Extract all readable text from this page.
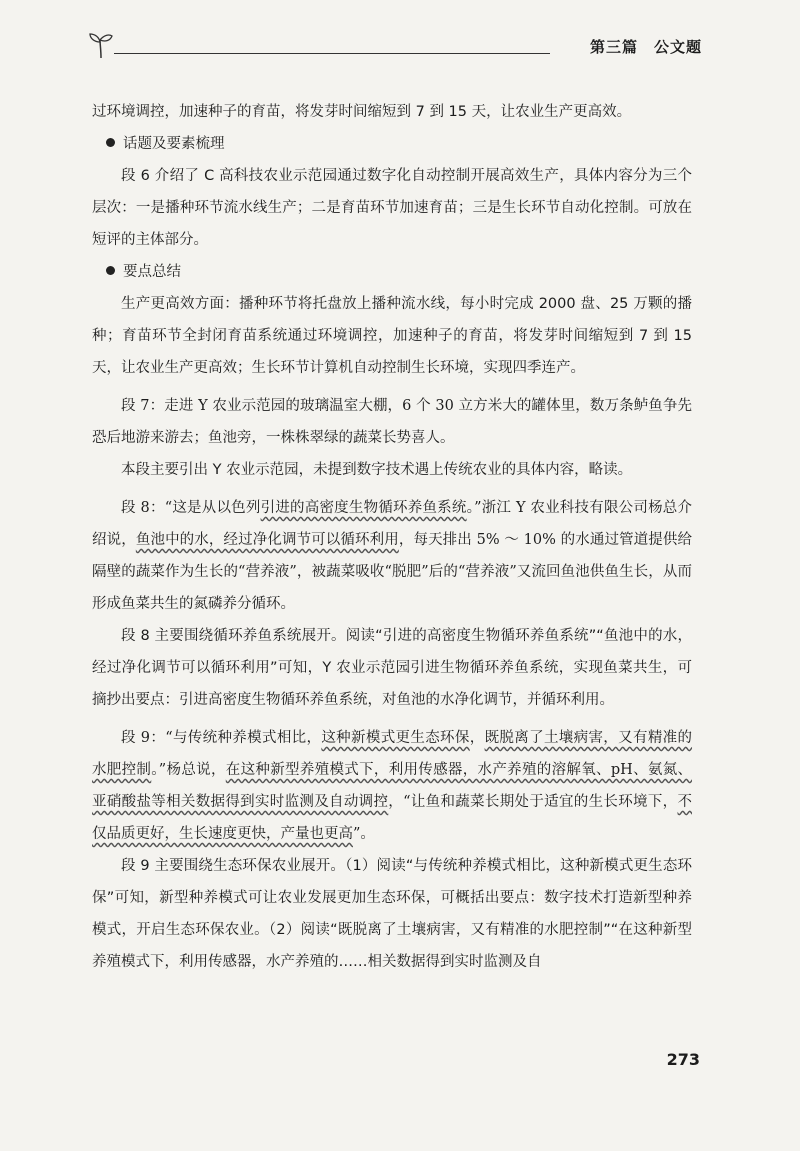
第三篇　公文题

过环境调控，加速种子的育苗，将发芽时间缩短到 7 到 15 天，让农业生产更高效。

话题及要素梳理

段 6 介绍了 C 高科技农业示范园通过数字化自动控制开展高效生产，具体内容分为三个层次：一是播种环节流水线生产；二是育苗环节加速育苗；三是生长环节自动化控制。可放在短评的主体部分。

要点总结

生产更高效方面：播种环节将托盘放上播种流水线，每小时完成 2000 盘、25 万颗的播种；育苗环节全封闭育苗系统通过环境调控，加速种子的育苗，将发芽时间缩短到 7 到 15 天，让农业生产更高效；生长环节计算机自动控制生长环境，实现四季连产。

段 7：走进 Y 农业示范园的玻璃温室大棚，6 个 30 立方米大的罐体里，数万条鲈鱼争先恐后地游来游去；鱼池旁，一株株翠绿的蔬菜长势喜人。

本段主要引出 Y 农业示范园，未提到数字技术遇上传统农业的具体内容，略读。

段 8：“这是从以色列引进的高密度生物循环养鱼系统。”浙江 Y 农业科技有限公司杨总介绍说，鱼池中的水，经过净化调节可以循环利用，每天排出 5% ～ 10% 的水通过管道提供给隔壁的蔬菜作为生长的“营养液”，被蔬菜吸收“脱肥”后的“营养液”又流回鱼池供鱼生长，从而形成鱼菜共生的氮磷养分循环。

段 8 主要围绕循环养鱼系统展开。阅读“引进的高密度生物循环养鱼系统”“鱼池中的水，经过净化调节可以循环利用”可知，Y 农业示范园引进生物循环养鱼系统，实现鱼菜共生，可摘抄出要点：引进高密度生物循环养鱼系统，对鱼池的水净化调节，并循环利用。

段 9：“与传统种养模式相比，这种新模式更生态环保，既脱离了土壤病害，又有精准的水肥控制。”杨总说，在这种新型养殖模式下，利用传感器，水产养殖的溶解氧、pH、氨氮、亚硝酸盐等相关数据得到实时监测及自动调控，“让鱼和蔬菜长期处于适宜的生长环境下，不仅品质更好，生长速度更快，产量也更高”。

段 9 主要围绕生态环保农业展开。（1）阅读“与传统种养模式相比，这种新模式更生态环保”可知，新型种养模式可让农业发展更加生态环保，可概括出要点：数字技术打造新型种养模式，开启生态环保农业。（2）阅读“既脱离了土壤病害，又有精准的水肥控制”“在这种新型养殖模式下，利用传感器，水产养殖的……相关数据得到实时监测及自

273
